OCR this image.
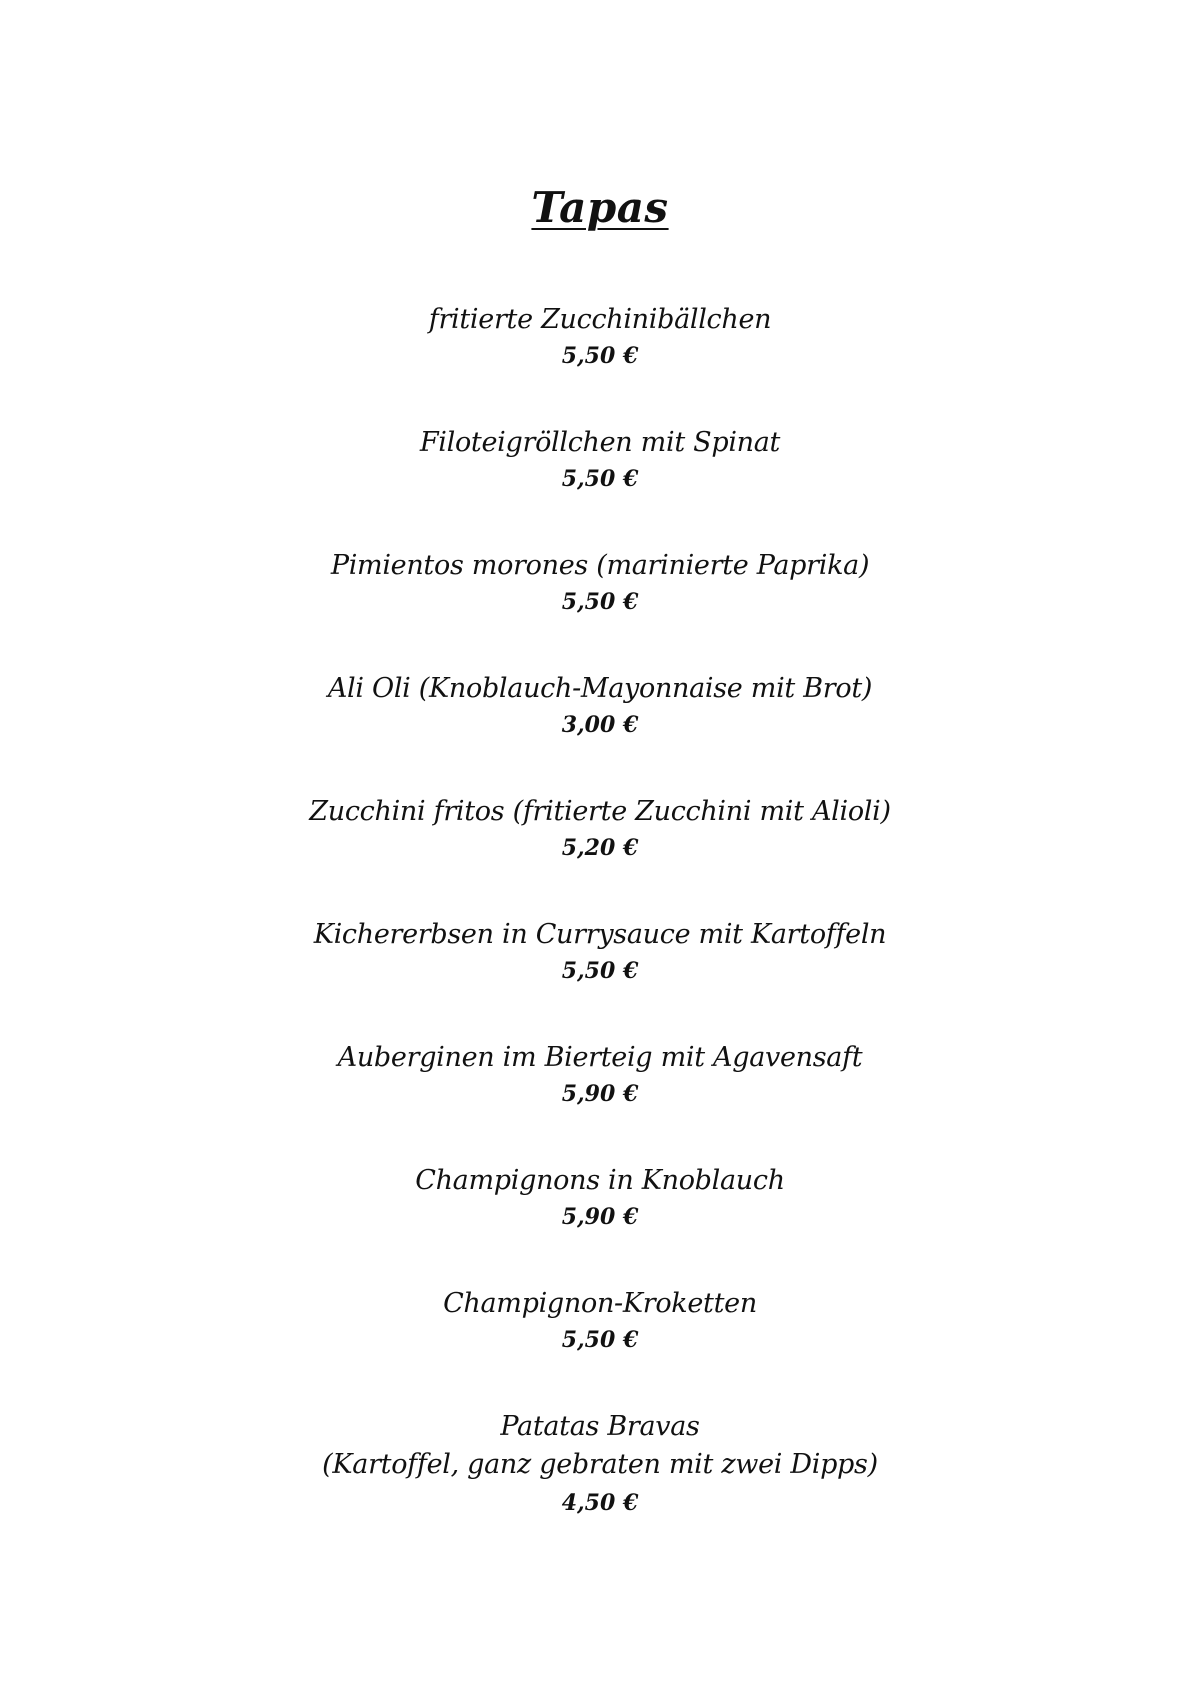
Tapas
fritierte Zucchinibällchen
5,50 €
Filoteigröllchen mit Spinat
5,50 €
Pimientos morones (marinierte Paprika)
5,50 €
Ali Oli (Knoblauch-Mayonnaise mit Brot)
3,00 €
Zucchini fritos (fritierte Zucchini mit Alioli)
5,20 €
Kichererbsen in Currysauce mit Kartoffeln
5,50 €
Auberginen im Bierteig mit Agavensaft
5,90 €
Champignons in Knoblauch
5,90 €
Champignon-Kroketten
5,50 €
Patatas Bravas
(Kartoffel, ganz gebraten mit zwei Dipps)
4,50 €
